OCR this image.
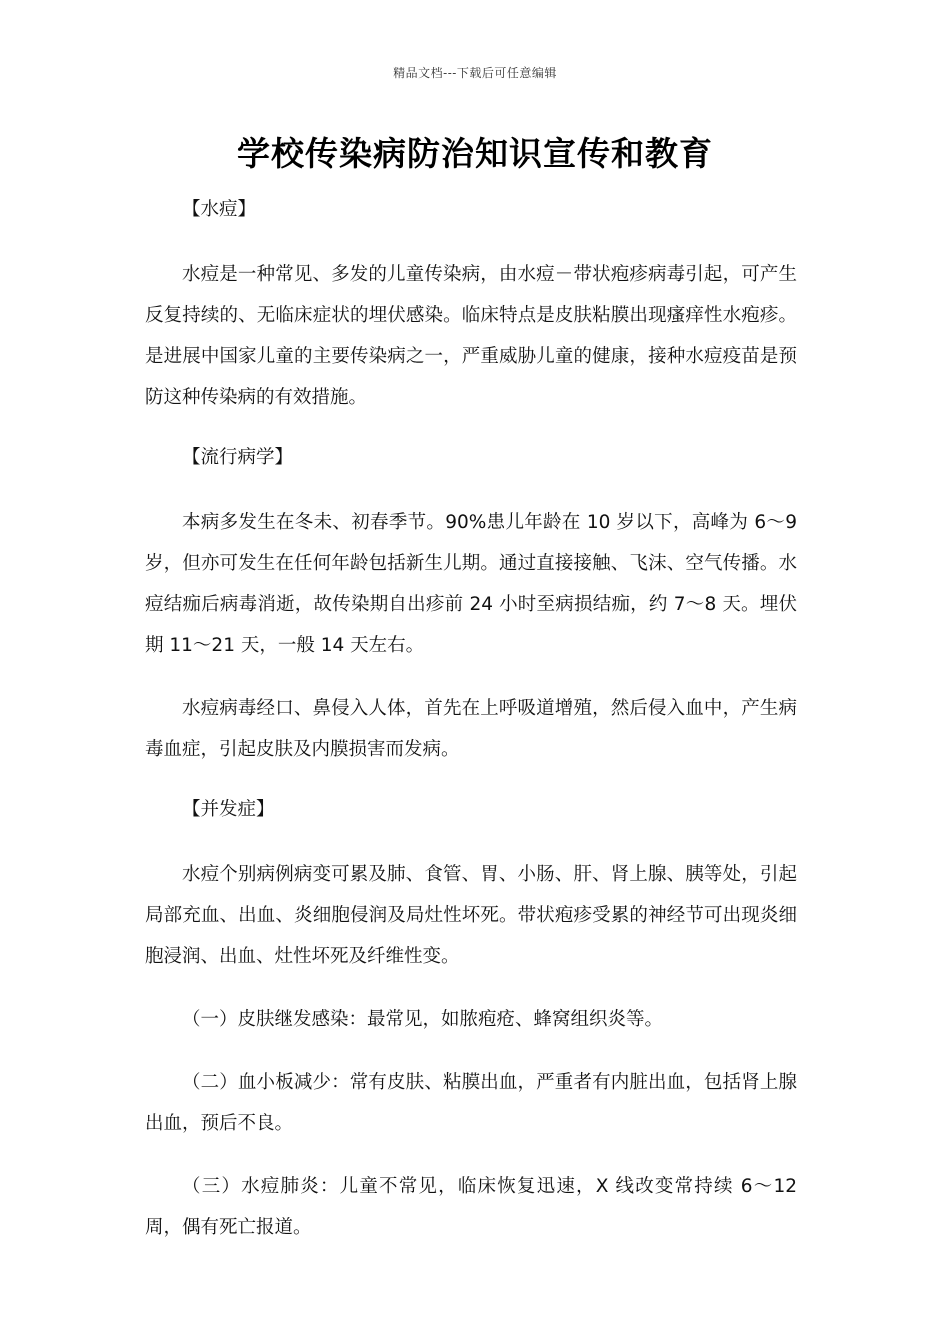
精品文档---下载后可任意编辑
学校传染病防治知识宣传和教育
【水痘】

水痘是一种常见、多发的儿童传染病，由水痘－带状疱疹病毒引起，可产生反复持续的、无临床症状的埋伏感染。临床特点是皮肤粘膜出现瘙痒性水疱疹。是进展中国家儿童的主要传染病之一，严重威胁儿童的健康，接种水痘疫苗是预防这种传染病的有效措施。

【流行病学】

本病多发生在冬未、初春季节。90%患儿年龄在 10 岁以下，高峰为 6～9 岁，但亦可发生在任何年龄包括新生儿期。通过直接接触、飞沫、空气传播。水痘结痂后病毒消逝，故传染期自出疹前 24 小时至病损结痂，约 7～8 天。埋伏期 11～21 天，一般 14 天左右。

水痘病毒经口、鼻侵入人体，首先在上呼吸道增殖，然后侵入血中，产生病毒血症，引起皮肤及内膜损害而发病。

【并发症】

水痘个别病例病变可累及肺、食管、胃、小肠、肝、肾上腺、胰等处，引起局部充血、出血、炎细胞侵润及局灶性坏死。带状疱疹受累的神经节可出现炎细胞浸润、出血、灶性坏死及纤维性变。

（一）皮肤继发感染：最常见，如脓疱疮、蜂窝组织炎等。

（二）血小板减少：常有皮肤、粘膜出血，严重者有内脏出血，包括肾上腺出血，预后不良。

（三）水痘肺炎：儿童不常见，临床恢复迅速，X 线改变常持续 6～12 周，偶有死亡报道。
